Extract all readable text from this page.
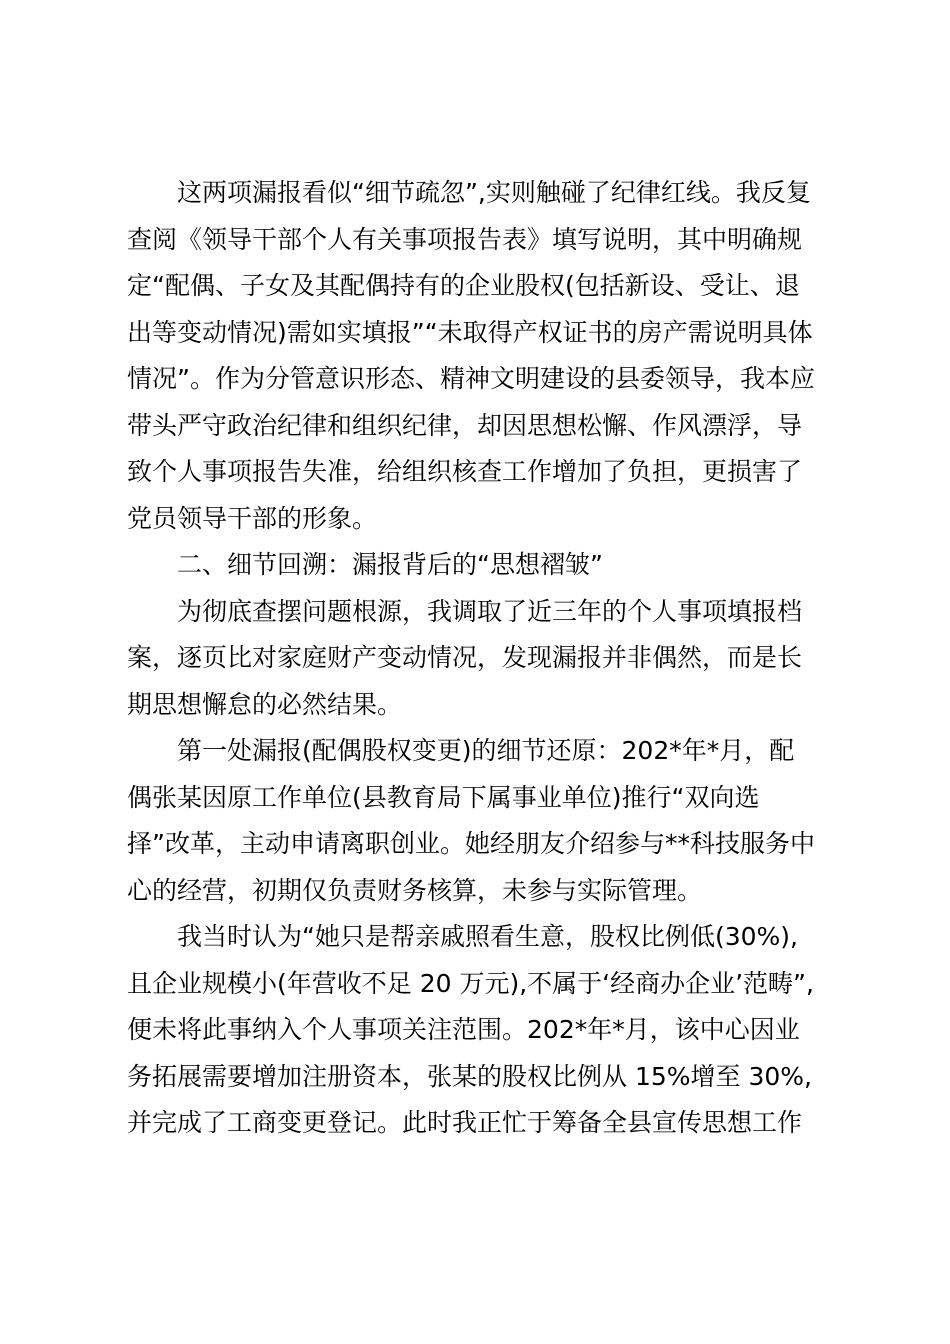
这两项漏报看似“细节疏忽”,实则触碰了纪律红线。我反复
查阅《领导干部个人有关事项报告表》填写说明，其中明确规
定“配偶、子女及其配偶持有的企业股权(包括新设、受让、退
出等变动情况)需如实填报”“未取得产权证书的房产需说明具体
情况”。作为分管意识形态、精神文明建设的县委领导，我本应
带头严守政治纪律和组织纪律，却因思想松懈、作风漂浮，导
致个人事项报告失准，给组织核查工作增加了负担，更损害了
党员领导干部的形象。
二、细节回溯：漏报背后的“思想褶皱”
为彻底查摆问题根源，我调取了近三年的个人事项填报档
案，逐页比对家庭财产变动情况，发现漏报并非偶然，而是长
期思想懈怠的必然结果。
第一处漏报(配偶股权变更)的细节还原：202*年*月，配
偶张某因原工作单位(县教育局下属事业单位)推行“双向选
择”改革，主动申请离职创业。她经朋友介绍参与**科技服务中
心的经营，初期仅负责财务核算，未参与实际管理。
我当时认为“她只是帮亲戚照看生意，股权比例低(30%),
且企业规模小(年营收不足 20 万元),不属于‘经商办企业’范畴”,
便未将此事纳入个人事项关注范围。202*年*月，该中心因业
务拓展需要增加注册资本，张某的股权比例从 15%增至 30%,
并完成了工商变更登记。此时我正忙于筹备全县宣传思想工作
